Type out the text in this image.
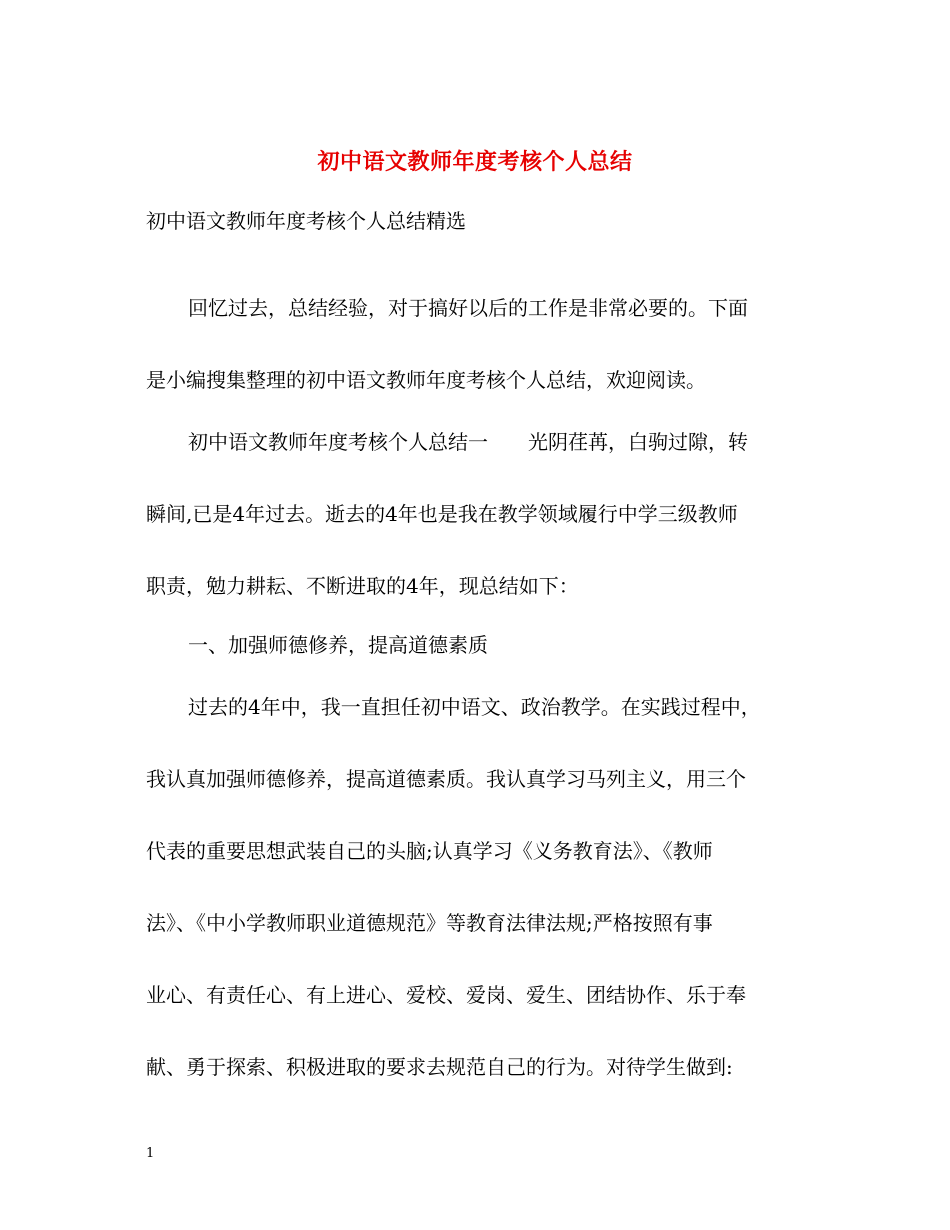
初中语文教师年度考核个人总结
初中语文教师年度考核个人总结精选
回忆过去，总结经验，对于搞好以后的工作是非常必要的。下面
是小编搜集整理的初中语文教师年度考核个人总结，欢迎阅读。
初中语文教师年度考核个人总结一　　光阴荏苒，白驹过隙，转
瞬间,已是4年过去。逝去的4年也是我在教学领域履行中学三级教师
职责，勉力耕耘、不断进取的4年，现总结如下：
一、加强师德修养，提高道德素质
过去的4年中，我一直担任初中语文、政治教学。在实践过程中，
我认真加强师德修养，提高道德素质。我认真学习马列主义，用三个
代表的重要思想武装自己的头脑;认真学习《义务教育法》、《教师
法》、《中小学教师职业道德规范》等教育法律法规;严格按照有事
业心、有责任心、有上进心、爱校、爱岗、爱生、团结协作、乐于奉
献、勇于探索、积极进取的要求去规范自己的行为。对待学生做到:
1
